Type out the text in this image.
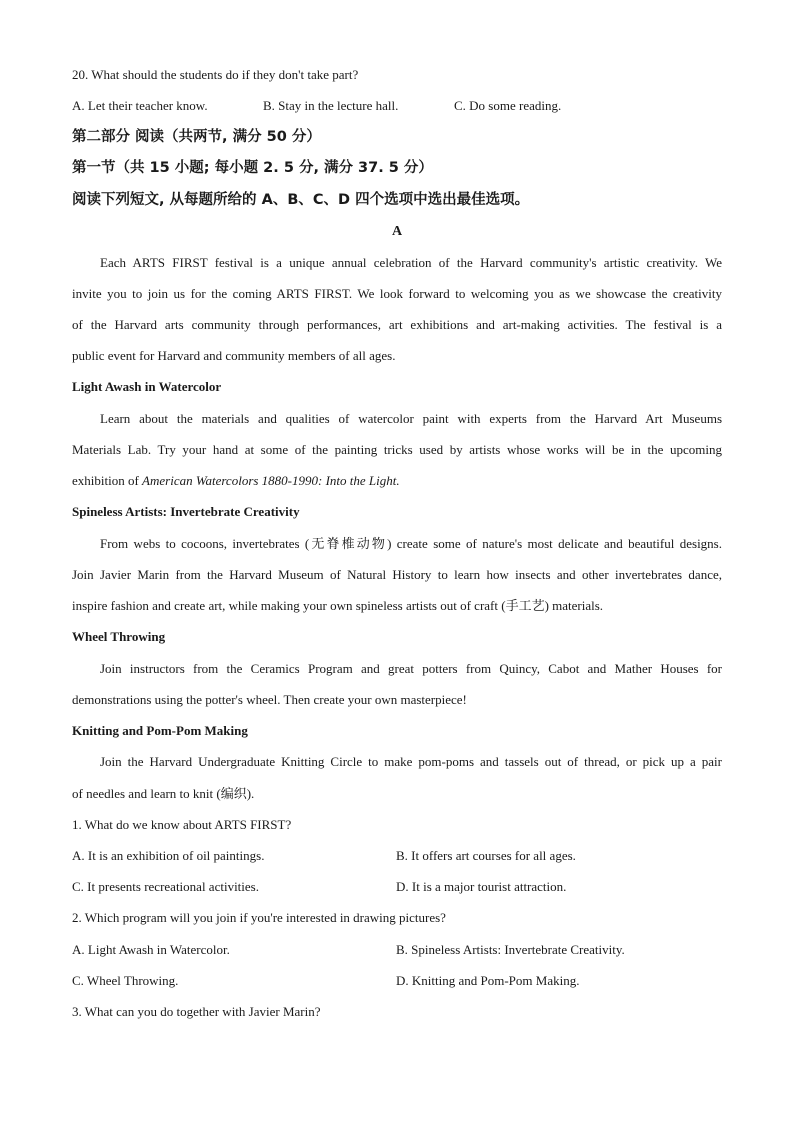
20. What should the students do if they don't take part?
A. Let their teacher know.	B. Stay in the lecture hall.	C. Do some reading.
第二部分 阅读（共两节, 满分 50 分）
第一节（共 15 小题; 每小题 2. 5 分, 满分 37. 5 分）
阅读下列短文, 从每题所给的 A、B、C、D 四个选项中选出最佳选项。
A
Each ARTS FIRST festival is a unique annual celebration of the Harvard community's artistic creativity. We
invite you to join us for the coming ARTS FIRST. We look forward to welcoming you as we showcase the creativity
of the Harvard arts community through performances, art exhibitions and art-making activities. The festival is a
public event for Harvard and community members of all ages.
Light Awash in Watercolor
Learn about the materials and qualities of watercolor paint with experts from the Harvard Art Museums
Materials Lab. Try your hand at some of the painting tricks used by artists whose works will be in the upcoming
exhibition of American Watercolors 1880-1990: Into the Light.
Spineless Artists: Invertebrate Creativity
From webs to cocoons, invertebrates (无脊椎动物) create some of nature's most delicate and beautiful designs.
Join Javier Marin from the Harvard Museum of Natural History to learn how insects and other invertebrates dance,
inspire fashion and create art, while making your own spineless artists out of craft (手工艺) materials.
Wheel Throwing
Join instructors from the Ceramics Program and great potters from Quincy, Cabot and Mather Houses for
demonstrations using the potter's wheel. Then create your own masterpiece!
Knitting and Pom-Pom Making
Join the Harvard Undergraduate Knitting Circle to make pom-poms and tassels out of thread, or pick up a pair
of needles and learn to knit (编织).
1. What do we know about ARTS FIRST?
A. It is an exhibition of oil paintings.	B. It offers art courses for all ages.
C. It presents recreational activities.	D. It is a major tourist attraction.
2. Which program will you join if you're interested in drawing pictures?
A. Light Awash in Watercolor.	B. Spineless Artists: Invertebrate Creativity.
C. Wheel Throwing.	D. Knitting and Pom-Pom Making.
3. What can you do together with Javier Marin?
